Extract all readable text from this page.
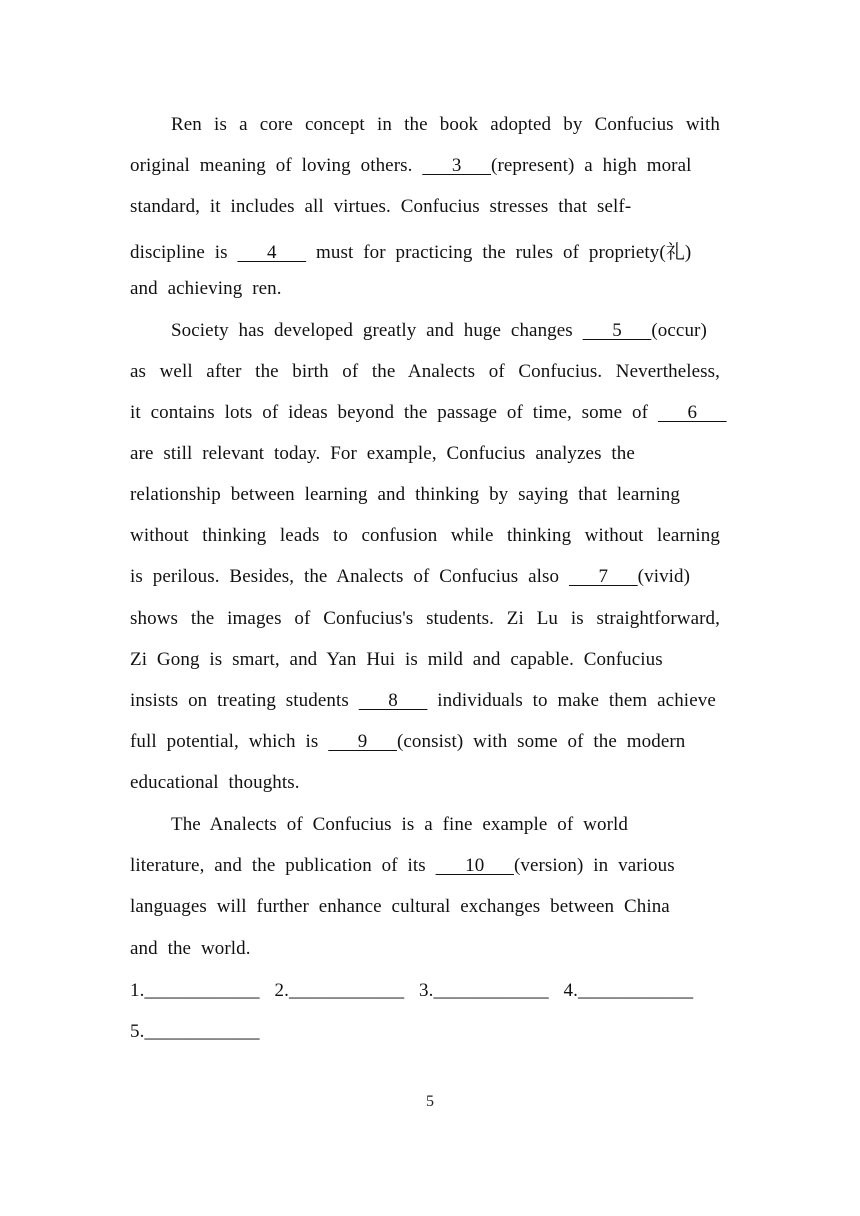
Ren is a core concept in the book adopted by Confucius with
original meaning of loving others.    3   (represent) a high moral
standard, it includes all virtues. Confucius stresses that self-
discipline is    4    must for practicing the rules of propriety(礼)
and achieving ren.
Society has developed greatly and huge changes    5   (occur)
as well after the birth of the Analects of Confucius. Nevertheless,
it contains lots of ideas beyond the passage of time, some of    6
are still relevant today. For example, Confucius analyzes the
relationship between learning and thinking by saying that learning
without thinking leads to confusion while thinking without learning
is perilous. Besides, the Analects of Confucius also    7   (vivid)
shows the images of Confucius's students. Zi Lu is straightforward,
Zi Gong is smart, and Yan Hui is mild and capable. Confucius
insists on treating students    8    individuals to make them achieve
full potential, which is    9   (consist) with some of the modern
educational thoughts.
The Analects of Confucius is a fine example of world
literature, and the publication of its    10   (version) in various
languages will further enhance cultural exchanges between China
and the world.
1.____________ 2.____________ 3.____________ 4.____________
5.____________
5
